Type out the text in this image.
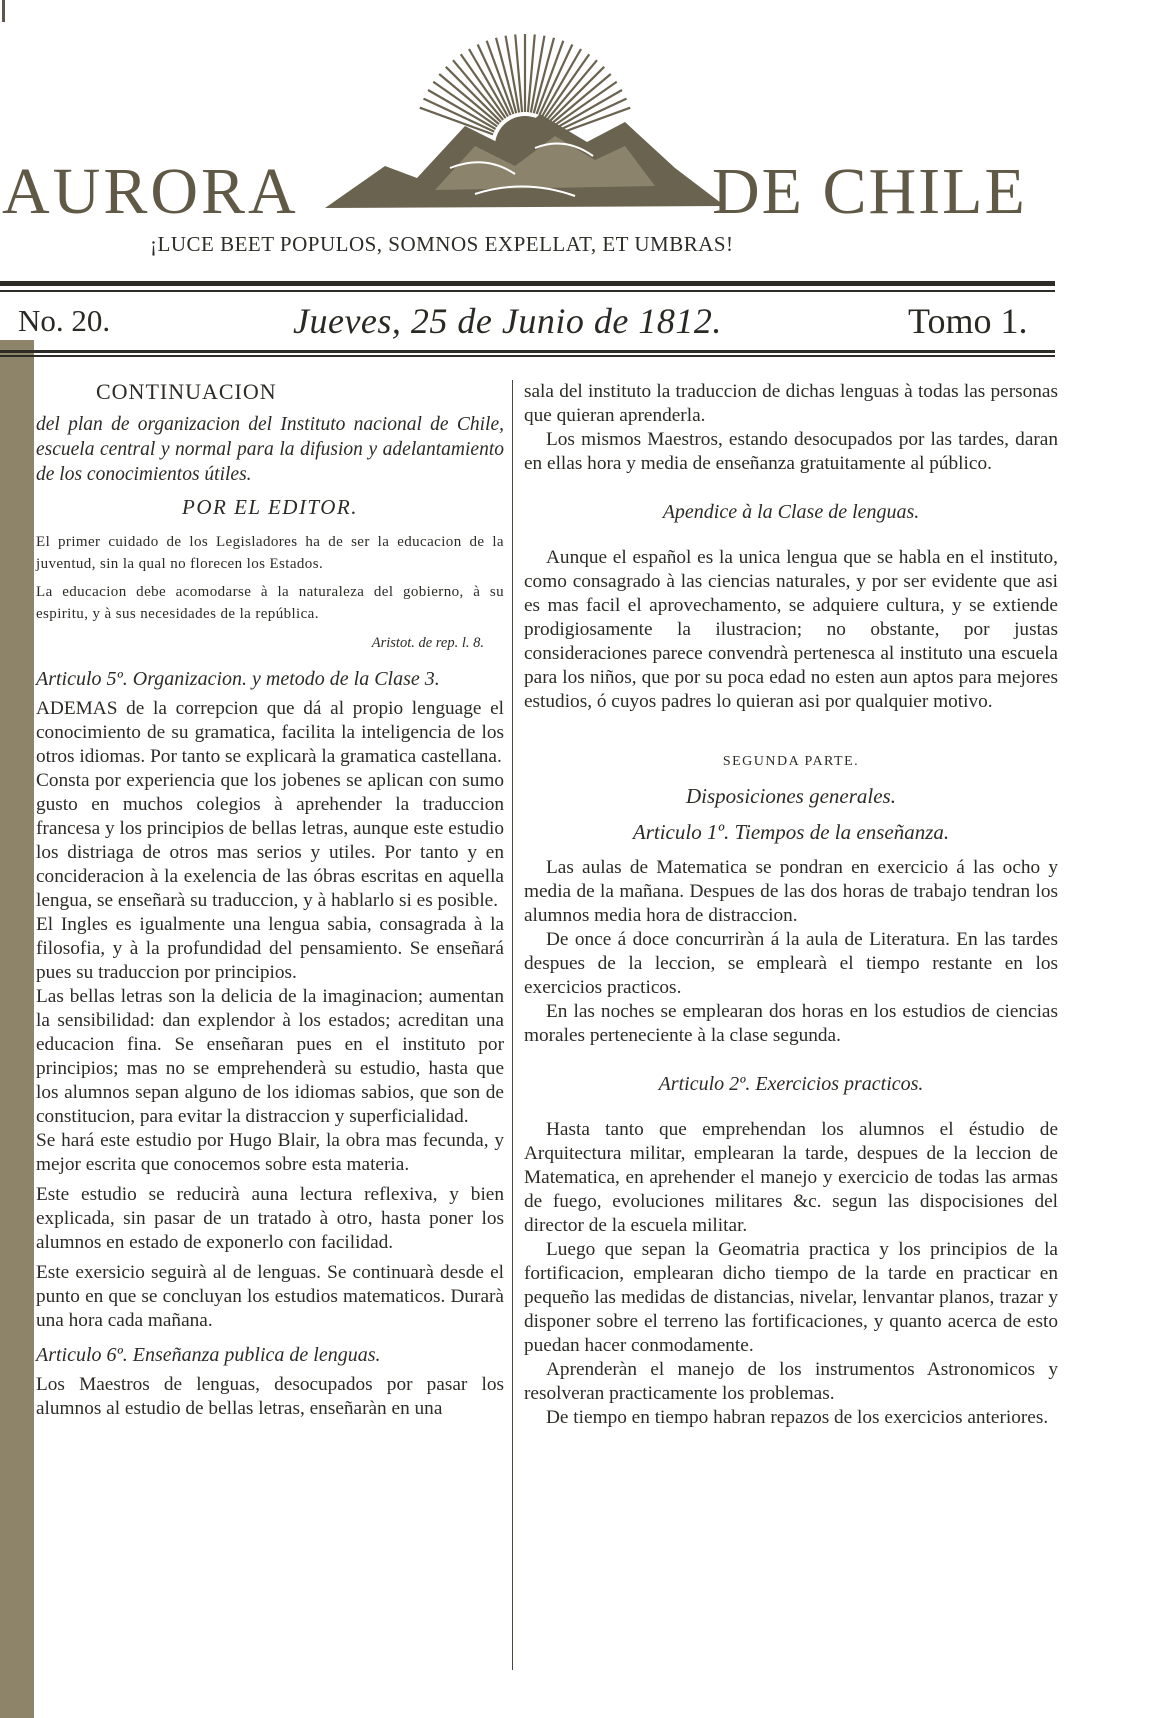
AURORA	DE CHILE
¡LUCE BEET POPULOS, SOMNOS EXPELLAT, ET UMBRAS!
No. 20.	Jueves, 25 de Junio de 1812.	Tomo 1.

CONTINUACION

del plan de organizacion del Instituto nacional de Chile, escuela central y normal para la difusion y adelantamiento de los conocimientos útiles.

POR EL EDITOR.

El primer cuidado de los Legisladores ha de ser la educacion de la juventud, sin la qual no florecen los Estados.

La educacion debe acomodarse à la naturaleza del gobierno, à su espiritu, y à sus necesidades de la república.

Aristot. de rep. l. 8.

Articulo 5º. Organizacion. y metodo de la Clase 3.

ADEMAS de la correpcion que dá al propio lenguage el conocimiento de su gramatica, facilita la inteligencia de los otros idiomas. Por tanto se explicarà la gramatica castellana.

Consta por experiencia que los jobenes se aplican con sumo gusto en muchos colegios à aprehender la traduccion francesa y los principios de bellas letras, aunque este estudio los distriaga de otros mas serios y utiles. Por tanto y en concideracion à la exelencia de las óbras escritas en aquella lengua, se enseñarà su traduccion, y à hablarlo si es posible.

El Ingles es igualmente una lengua sabia, consagrada à la filosofia, y à la profundidad del pensamiento. Se enseñará pues su traduccion por principios.

Las bellas letras son la delicia de la imaginacion; aumentan la sensibilidad: dan explendor à los estados; acreditan una educacion fina. Se enseñaran pues en el instituto por principios; mas no se emprehenderà su estudio, hasta que los alumnos sepan alguno de los idiomas sabios, que son de constitucion, para evitar la distraccion y superficialidad.

Se hará este estudio por Hugo Blair, la obra mas fecunda, y mejor escrita que conocemos sobre esta materia.

Este estudio se reducirà auna lectura reflexiva, y bien explicada, sin pasar de un tratado à otro, hasta poner los alumnos en estado de exponerlo con facilidad.

Este exersicio seguirà al de lenguas. Se continuarà desde el punto en que se concluyan los estudios matematicos. Durarà una hora cada mañana.

Articulo 6º. Enseñanza publica de lenguas.

Los Maestros de lenguas, desocupados por pasar los alumnos al estudio de bellas letras, enseñaràn en una

sala del instituto la traduccion de dichas lenguas à todas las personas que quieran aprenderla.

Los mismos Maestros, estando desocupados por las tardes, daran en ellas hora y media de enseñanza gratuitamente al público.

Apendice à la Clase de lenguas.

Aunque el español es la unica lengua que se habla en el instituto, como consagrado à las ciencias naturales, y por ser evidente que asi es mas facil el aprovechamento, se adquiere cultura, y se extiende prodigiosamente la ilustracion; no obstante, por justas consideraciones parece convendrà pertenesca al instituto una escuela para los niños, que por su poca edad no esten aun aptos para mejores estudios, ó cuyos padres lo quieran asi por qualquier motivo.

SEGUNDA PARTE.

Disposiciones generales.

Articulo 1º. Tiempos de la enseñanza.

Las aulas de Matematica se pondran en exercicio á las ocho y media de la mañana. Despues de las dos horas de trabajo tendran los alumnos media hora de distraccion.

De once á doce concurriràn á la aula de Literatura. En las tardes despues de la leccion, se emplearà el tiempo restante en los exercicios practicos.

En las noches se emplearan dos horas en los estudios de ciencias morales perteneciente à la clase segunda.

Articulo 2º. Exercicios practicos.

Hasta tanto que emprehendan los alumnos el éstudio de Arquitectura militar, emplearan la tarde, despues de la leccion de Matematica, en aprehender el manejo y exercicio de todas las armas de fuego, evoluciones militares &c. segun las dispocisiones del director de la escuela militar.

Luego que sepan la Geomatria practica y los principios de la fortificacion, emplearan dicho tiempo de la tarde en practicar en pequeño las medidas de distancias, nivelar, lenvantar planos, trazar y disponer sobre el terreno las fortificaciones, y quanto acerca de esto puedan hacer conmodamente.

Aprenderàn el manejo de los instrumentos Astronomicos y resolveran practicamente los problemas.

De tiempo en tiempo habran repazos de los exercicios anteriores.
